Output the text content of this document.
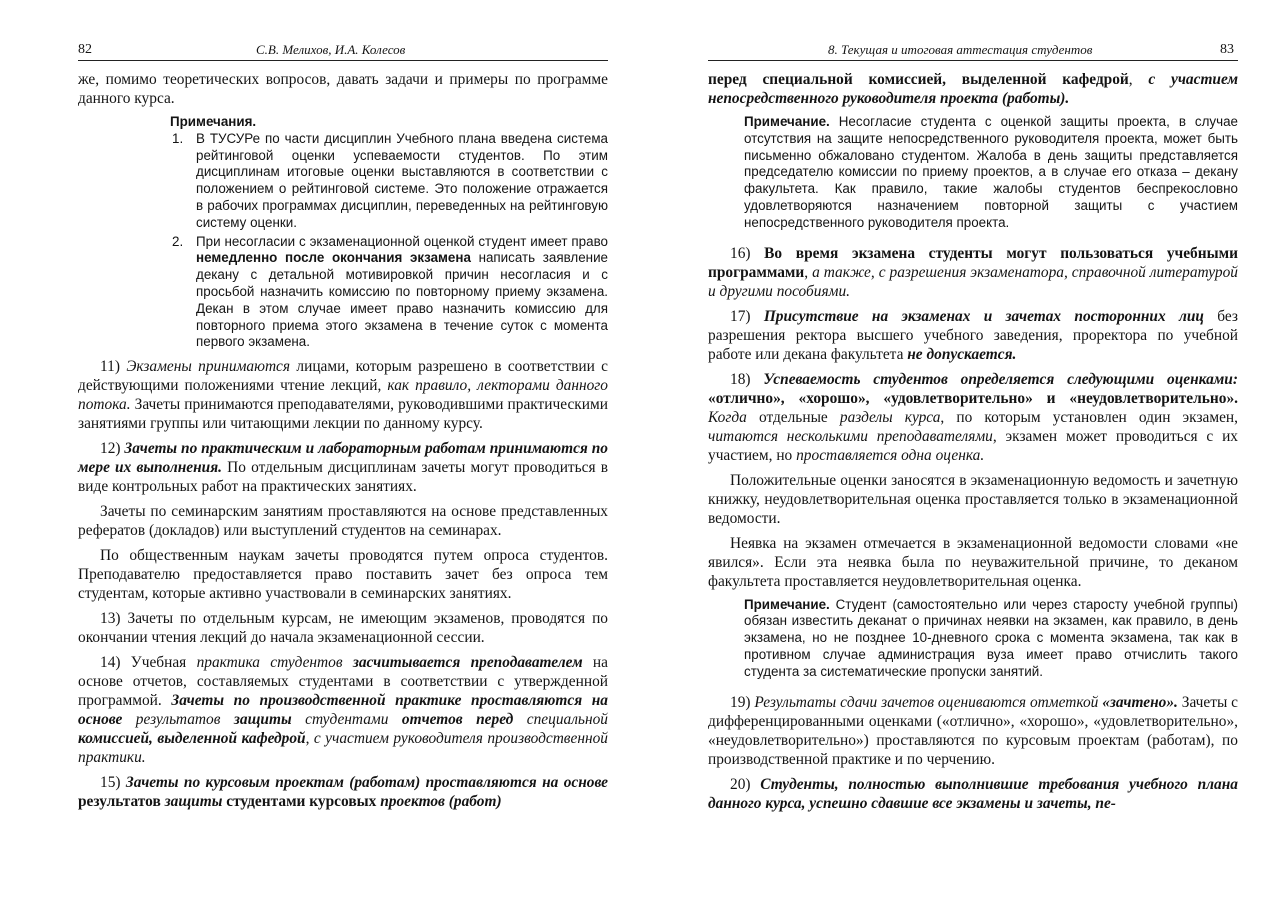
82	С.В. Мелихов, И.А. Колесов

же, помимо теоретических вопросов, давать задачи и примеры по программе данного курса.

Примечания.
1. В ТУСУРе по части дисциплин Учебного плана введена система рейтинговой оценки успеваемости студентов. По этим дисциплинам итоговые оценки выставляются в соответствии с положением о рейтинговой системе. Это положение отражается в рабочих программах дисциплин, переведенных на рейтинговую систему оценки.
2. При несогласии с экзаменационной оценкой студент имеет право немедленно после окончания экзамена написать заявление декану с детальной мотивировкой причин несогласия и с просьбой назначить комиссию по повторному приему экзамена. Декан в этом случае имеет право назначить комиссию для повторного приема этого экзамена в течение суток с момента первого экзамена.

11) Экзамены принимаются лицами, которым разрешено в соответствии с действующими положениями чтение лекций, как правило, лекторами данного потока. Зачеты принимаются преподавателями, руководившими практическими занятиями группы или читающими лекции по данному курсу.

12) Зачеты по практическим и лабораторным работам принимаются по мере их выполнения. По отдельным дисциплинам зачеты могут проводиться в виде контрольных работ на практических занятиях.

Зачеты по семинарским занятиям проставляются на основе представленных рефератов (докладов) или выступлений студентов на семинарах.

По общественным наукам зачеты проводятся путем опроса студентов. Преподавателю предоставляется право поставить зачет без опроса тем студентам, которые активно участвовали в семинарских занятиях.

13) Зачеты по отдельным курсам, не имеющим экзаменов, проводятся по окончании чтения лекций до начала экзаменационной сессии.

14) Учебная практика студентов засчитывается преподавателем на основе отчетов, составляемых студентами в соответствии с утвержденной программой. Зачеты по производственной практике проставляются на основе результатов защиты студентами отчетов перед специальной комиссией, выделенной кафедрой, с участием руководителя производственной практики.

15) Зачеты по курсовым проектам (работам) проставляются на основе результатов защиты студентами курсовых проектов (работ)

8. Текущая и итоговая аттестация студентов	83

перед специальной комиссией, выделенной кафедрой, с участием непосредственного руководителя проекта (работы).

Примечание. Несогласие студента с оценкой защиты проекта, в случае отсутствия на защите непосредственного руководителя проекта, может быть письменно обжаловано студентом. Жалоба в день защиты представляется председателю комиссии по приему проектов, а в случае его отказа – декану факультета. Как правило, такие жалобы студентов беспрекословно удовлетворяются назначением повторной защиты с участием непосредственного руководителя проекта.

16) Во время экзамена студенты могут пользоваться учебными программами, а также, с разрешения экзаменатора, справочной литературой и другими пособиями.

17) Присутствие на экзаменах и зачетах посторонних лиц без разрешения ректора высшего учебного заведения, проректора по учебной работе или декана факультета не допускается.

18) Успеваемость студентов определяется следующими оценками: «отлично», «хорошо», «удовлетворительно» и «неудовлетворительно». Когда отдельные разделы курса, по которым установлен один экзамен, читаются несколькими преподавателями, экзамен может проводиться с их участием, но проставляется одна оценка.

Положительные оценки заносятся в экзаменационную ведомость и зачетную книжку, неудовлетворительная оценка проставляется только в экзаменационной ведомости.

Неявка на экзамен отмечается в экзаменационной ведомости словами «не явился». Если эта неявка была по неуважительной причине, то деканом факультета проставляется неудовлетворительная оценка.

Примечание. Студент (самостоятельно или через старосту учебной группы) обязан известить деканат о причинах неявки на экзамен, как правило, в день экзамена, но не позднее 10-дневного срока с момента экзамена, так как в противном случае администрация вуза имеет право отчислить такого студента за систематические пропуски занятий.

19) Результаты сдачи зачетов оцениваются отметкой «зачтено». Зачеты с дифференцированными оценками («отлично», «хорошо», «удовлетворительно», «неудовлетворительно») проставляются по курсовым проектам (работам), по производственной практике и по черчению.

20) Студенты, полностью выполнившие требования учебного плана данного курса, успешно сдавшие все экзамены и зачеты, пе-
